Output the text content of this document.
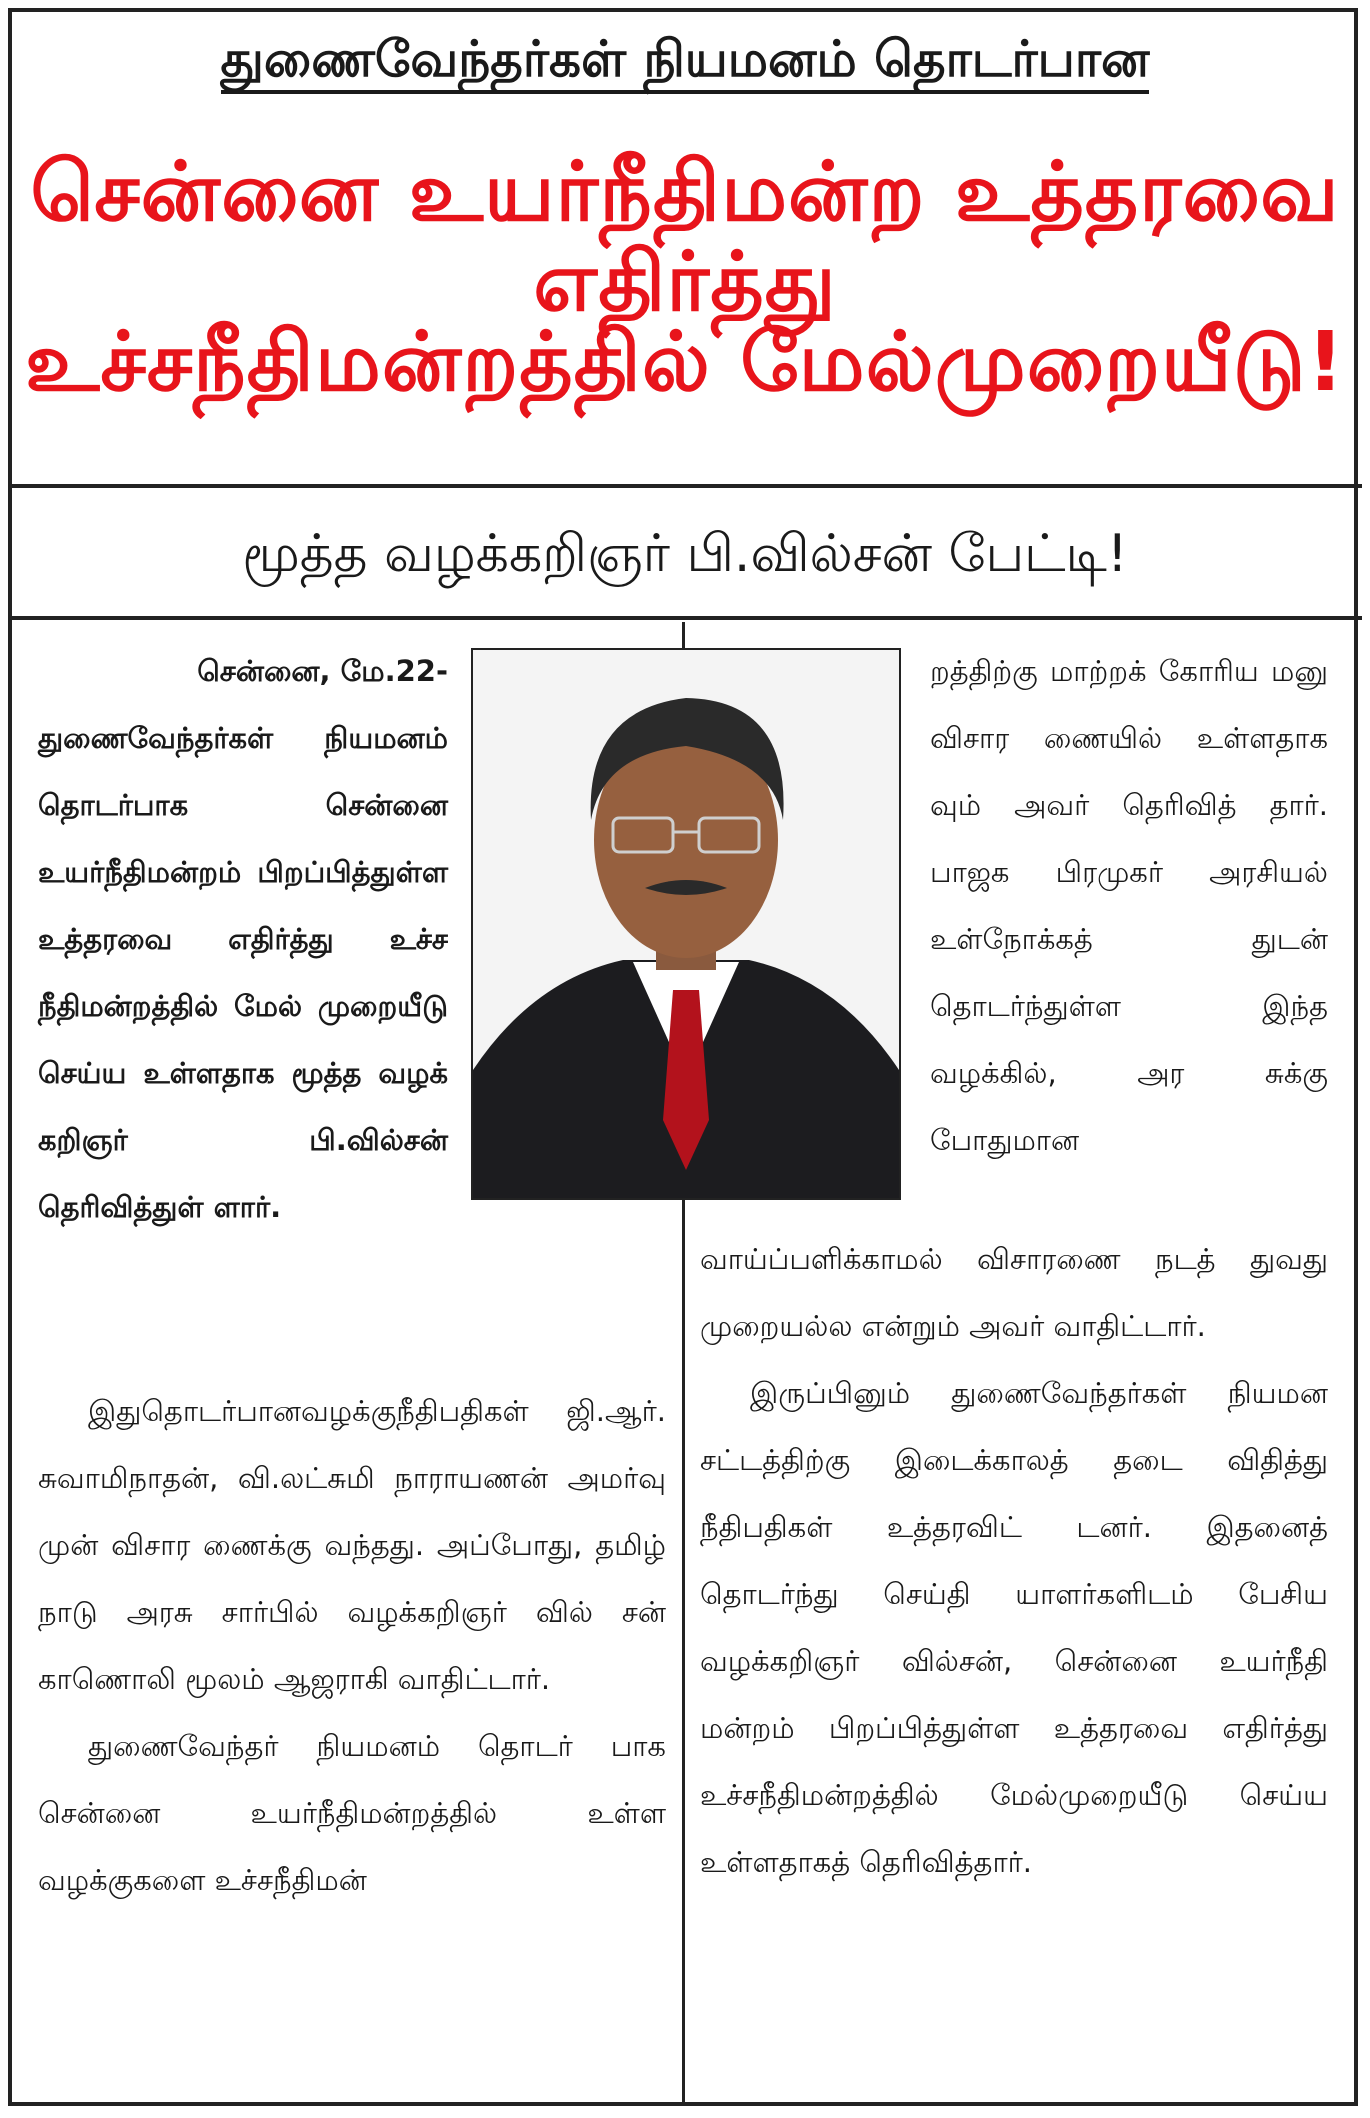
துணைவேந்தர்கள் நியமனம் தொடர்பான
சென்னை உயர்நீதிமன்ற உத்தரவை எதிர்த்து
உச்சநீதிமன்றத்தில் மேல்முறையீடு!
மூத்த வழக்கறிஞர் பி.வில்சன் பேட்டி!

சென்னை, மே.22-

துணைவேந்தர்கள் நியமனம் தொடர்பாக சென்னை உயர்நீதிமன்றம் பிறப்பித்துள்ள உத்தரவை எதிர்த்து உச்ச நீதிமன்றத்தில் மேல் முறையீடு செய்ய உள்ளதாக மூத்த வழக் கறிஞர் பி.வில்சன் தெரிவித்துள் ளார்.

இதுதொடர்பானவழக்குநீதிபதிகள் ஜி.ஆர். சுவாமிநாதன், வி.லட்சுமி நாராயணன் அமர்வு முன் விசார ணைக்கு வந்தது. அப்போது, தமிழ் நாடு அரசு சார்பில் வழக்கறிஞர் வில் சன் காணொலி மூலம் ஆஜராகி வாதிட்டார்.

துணைவேந்தர் நியமனம் தொடர் பாக சென்னை உயர்நீதிமன்றத்தில் உள்ள வழக்குகளை உச்சநீதிமன்

றத்திற்கு மாற்றக் கோரிய மனு விசார ணையில் உள்ளதாக வும் அவர் தெரிவித் தார். பாஜக பிரமுகர் அரசியல் உள்நோக்கத் துடன் தொடர்ந்துள்ள இந்த வழக்கில், அர சுக்கு போதுமான

வாய்ப்பளிக்காமல் விசாரணை நடத் துவது முறையல்ல என்றும் அவர் வாதிட்டார்.

இருப்பினும் துணைவேந்தர்கள் நியமன சட்டத்திற்கு இடைக்காலத் தடை விதித்து நீதிபதிகள் உத்தரவிட் டனர். இதனைத் தொடர்ந்து செய்தி யாளர்களிடம் பேசிய வழக்கறிஞர் வில்சன், சென்னை உயர்நீதி மன்றம் பிறப்பித்துள்ள உத்தரவை எதிர்த்து உச்சநீதிமன்றத்தில் மேல்முறையீடு செய்ய உள்ளதாகத் தெரிவித்தார்.
